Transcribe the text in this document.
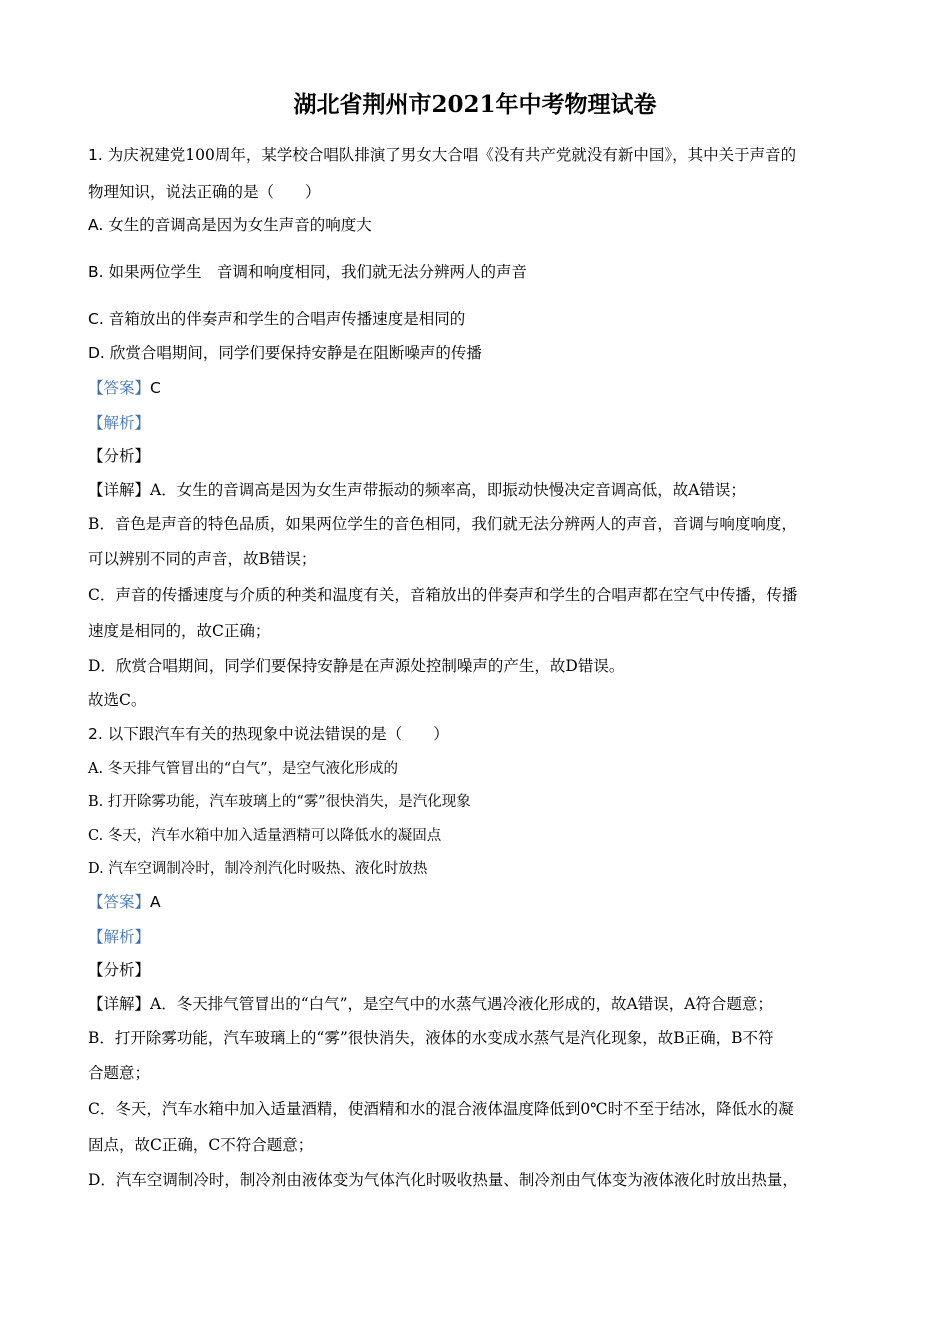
湖北省荆州市2021年中考物理试卷
1. 为庆祝建党100周年，某学校合唱队排演了男女大合唱《没有共产党就没有新中国》，其中关于声音的
物理知识，说法正确的是（　　）
A. 女生的音调高是因为女生声音的响度大
B. 如果两位学生　音调和响度相同，我们就无法分辨两人的声音
C. 音箱放出的伴奏声和学生的合唱声传播速度是相同的
D. 欣赏合唱期间，同学们要保持安静是在阻断噪声的传播
【答案】C
【解析】
【分析】
【详解】A．女生的音调高是因为女生声带振动的频率高，即振动快慢决定音调高低，故A错误；
B．音色是声音的特色品质，如果两位学生的音色相同，我们就无法分辨两人的声音，音调与响度响度，
可以辨别不同的声音，故B错误；
C．声音的传播速度与介质的种类和温度有关，音箱放出的伴奏声和学生的合唱声都在空气中传播，传播
速度是相同的，故C正确；
D．欣赏合唱期间，同学们要保持安静是在声源处控制噪声的产生，故D错误。
故选C。
2. 以下跟汽车有关的热现象中说法错误的是（　　）
A. 冬天排气管冒出的“白气”，是空气液化形成的
B. 打开除雾功能，汽车玻璃上的“雾”很快消失，是汽化现象
C. 冬天，汽车水箱中加入适量酒精可以降低水的凝固点
D. 汽车空调制冷时，制冷剂汽化时吸热、液化时放热
【答案】A
【解析】
【分析】
【详解】A．冬天排气管冒出的“白气”，是空气中的水蒸气遇冷液化形成的，故A错误，A符合题意；
B．打开除雾功能，汽车玻璃上的“雾”很快消失，液体的水变成水蒸气是汽化现象，故B正确，B不符
合题意；
C．冬天，汽车水箱中加入适量酒精，使酒精和水的混合液体温度降低到0℃时不至于结冰，降低水的凝
固点，故C正确，C不符合题意；
D．汽车空调制冷时，制冷剂由液体变为气体汽化时吸收热量、制冷剂由气体变为液体液化时放出热量，
